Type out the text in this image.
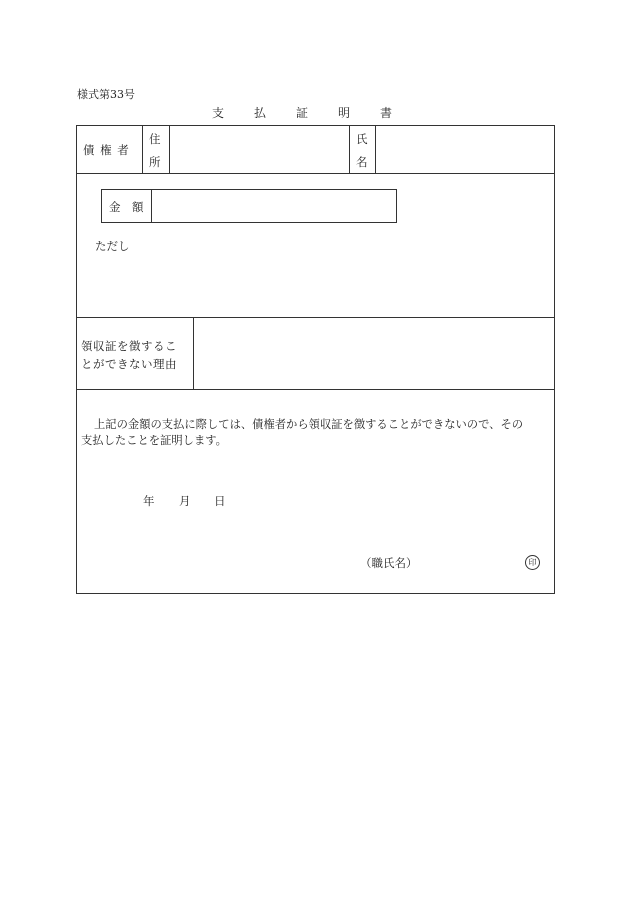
様式第33号
支払証明書
債 権 者
住
所
氏
名
金　額
ただし
領収証を徴するこ
とができない理由
上記の金額の支払に際しては、債権者から領収証を徴することができないので、その
支払したことを証明します。
年 月 日
（職氏名）	印
